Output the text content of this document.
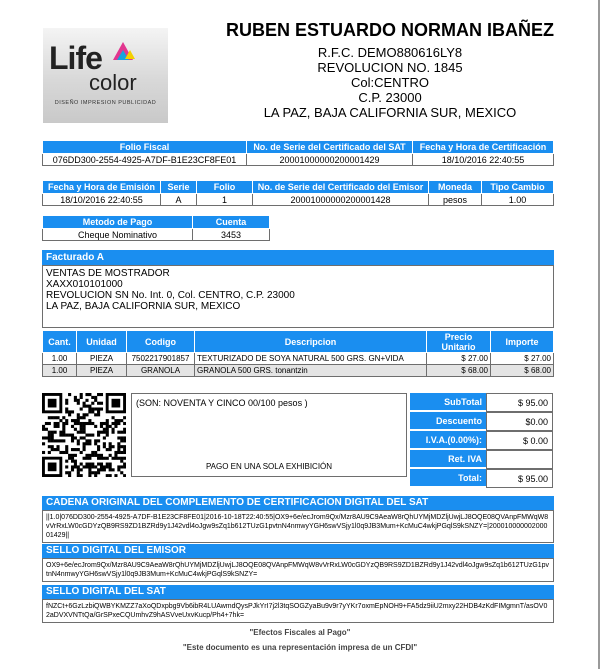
Life
color
DISEÑO IMPRESION PUBLICIDAD
RUBEN ESTUARDO NORMAN IBAÑEZ
R.F.C. DEMO880616LY8
REVOLUCION NO. 1845
Col:CENTRO
C.P. 23000
LA PAZ, BAJA CALIFORNIA SUR, MEXICO
Folio Fiscal	No. de Serie del Certificado del SAT	Fecha y Hora de Certificación
076DD300-2554-4925-A7DF-B1E23CF8FE01	20001000000200001429	18/10/2016 22:40:55
Fecha y Hora de Emisión	Serie	Folio	No. de Serie del Certificado del Emisor	Moneda	Tipo Cambio
18/10/2016 22:40:55	A	1	20001000000200001428	pesos	1.00
Metodo de Pago	Cuenta
Cheque Nominativo	3453
Facturado A
VENTAS DE MOSTRADOR
XAXX010101000
REVOLUCION SN No. Int. 0, Col. CENTRO, C.P. 23000
LA PAZ, BAJA CALIFORNIA SUR, MEXICO
Cant.	Unidad	Codigo	Descripcion	Precio Unitario	Importe
1.00	PIEZA	7502217901857	TEXTURIZADO DE SOYA NATURAL 500 GRS. GN+VIDA	$ 27.00	$ 27.00
1.00	PIEZA	GRANOLA	GRANOLA 500 GRS. tonantzin	$ 68.00	$ 68.00
(SON: NOVENTA Y CINCO 00/100 pesos )
PAGO EN UNA SOLA EXHIBICIÓN
SubTotal	$ 95.00
Descuento	$0.00
I.V.A.(0.00%):	$ 0.00
Ret. IVA
Total:	$ 95.00
CADENA ORIGINAL DEL COMPLEMENTO DE CERTIFICACION DIGITAL DEL SAT
||1.0|076DD300-2554-4925-A7DF-B1E23CF8FE01|2016-10-18T22:40:55|OX9+6e/ecJrom9Qx/Mzr8AU9C9AeaW8rQhUYMjMDZljUwjLJ8OQE08QVAnpFMWqW8vVrRxLW0cGDYzQB9RS9ZD1BZRd9y1J42vdl4oJgw9sZq1b612TUzG1pvtnN4nmwyYGH6swVSjy1l0q9JB3Mum+KcMuC4wkjPGqlS9kSNZY=|20001000000200001429||
SELLO DIGITAL DEL EMISOR
OX9+6e/ecJrom9Qx/Mzr8AU9C9AeaW8rQhUYMjMDZljUwjLJ8OQE08QVAnpFMWqW8vVrRxLW0cGDYzQB9RS9ZD1BZRd9y1J42vdl4oJgw9sZq1b612TUzG1pvtnN4nmwyYGH6swVSjy1l0q9JB3Mum+KcMuC4wkjPGqlS9kSNZY=
SELLO DIGITAL DEL SAT
fNZCt+6GzLzbiQWBYKMZZ7aXoQDxpbg9Vb6ibR4LUAwmdQysPJkYrI7j2l3tqSOGZyaBu9v9r7yYKr7oxmEpNOH9+FA5dz9iiU2mxy22HDB4zKdFIMgmnT/asOV02aDVXVNTtQa/GrSPxeCQUmhvZ9hASVveUxvKucp/Ph4+7hk=
"Efectos Fiscales al Pago"
"Este documento es una representación impresa de un CFDI"
